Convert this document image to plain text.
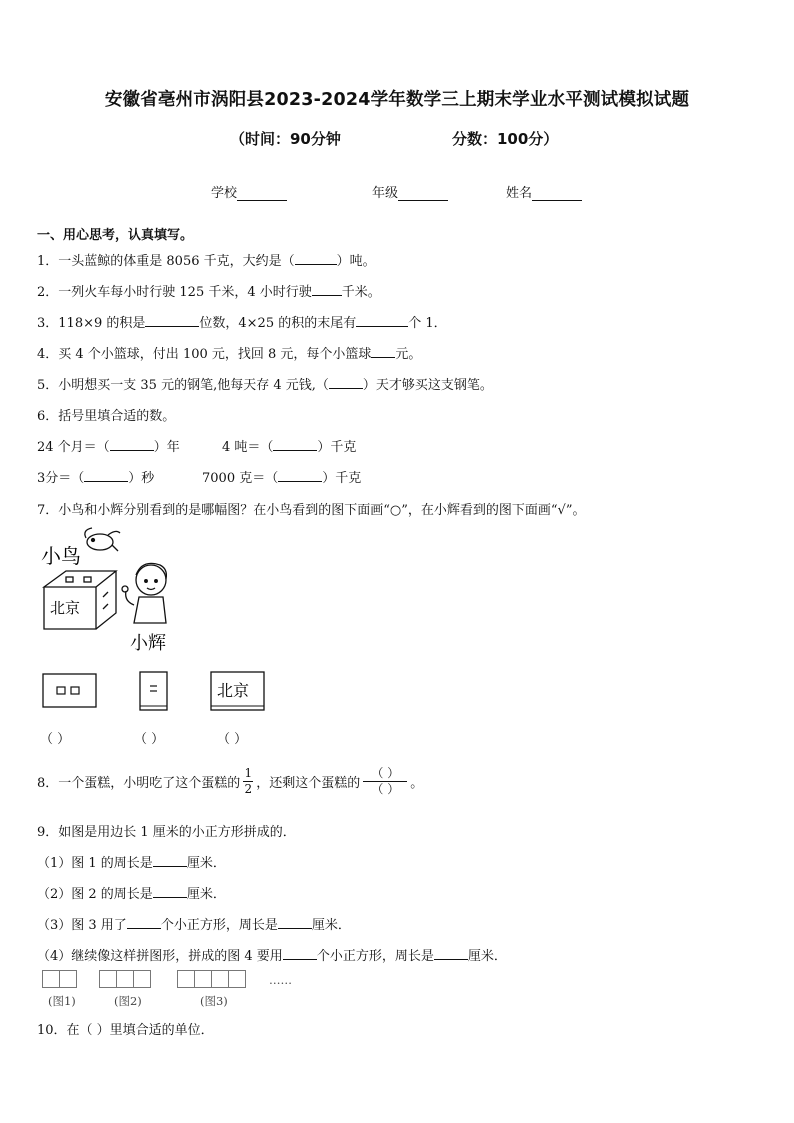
安徽省亳州市涡阳县2023-2024学年数学三上期末学业水平测试模拟试题
（时间：90分钟	分数：100分）
学校	年级	姓名
一、用心思考，认真填写。
1．一头蓝鲸的体重是 8056 千克，大约是（	）吨。
2．一列火车每小时行驶 125 千米，4 小时行驶 千米。
3．118×9 的积是	位数，4×25 的积的末尾有	个 1．
4．买 4 个小篮球，付出 100 元，找回 8 元，每个小篮球 元。
5．小明想买一支 35 元的钢笔,他每天存 4 元钱,（	）天才够买这支钢笔。
6．括号里填合适的数。
24 个月＝（	）年	4 吨＝（	）千克
3分＝（	）秒	7000 克＝（	）千克
7．小鸟和小辉分别看到的是哪幅图？在小鸟看到的图下面画“○”，在小辉看到的图下面画“√”。
小鸟
北京
小辉
北京
（ ）	（ ）	（ ）
8．一个蛋糕，小明吃了这个蛋糕的 $\frac{1}{2}$ ，还剩这个蛋糕的 $\frac{( )}{( )}$ 。
9．如图是用边长 1 厘米的小正方形拼成的．
（1）图 1 的周长是	厘米．
（2）图 2 的周长是	厘米．
（3）图 3 用了	个小正方形，周长是	厘米．
（4）继续像这样拼图形，拼成的图 4 要用	个小正方形，周长是	厘米．
……
(图1)	(图2)	(图3)
10．在（ ）里填合适的单位．
